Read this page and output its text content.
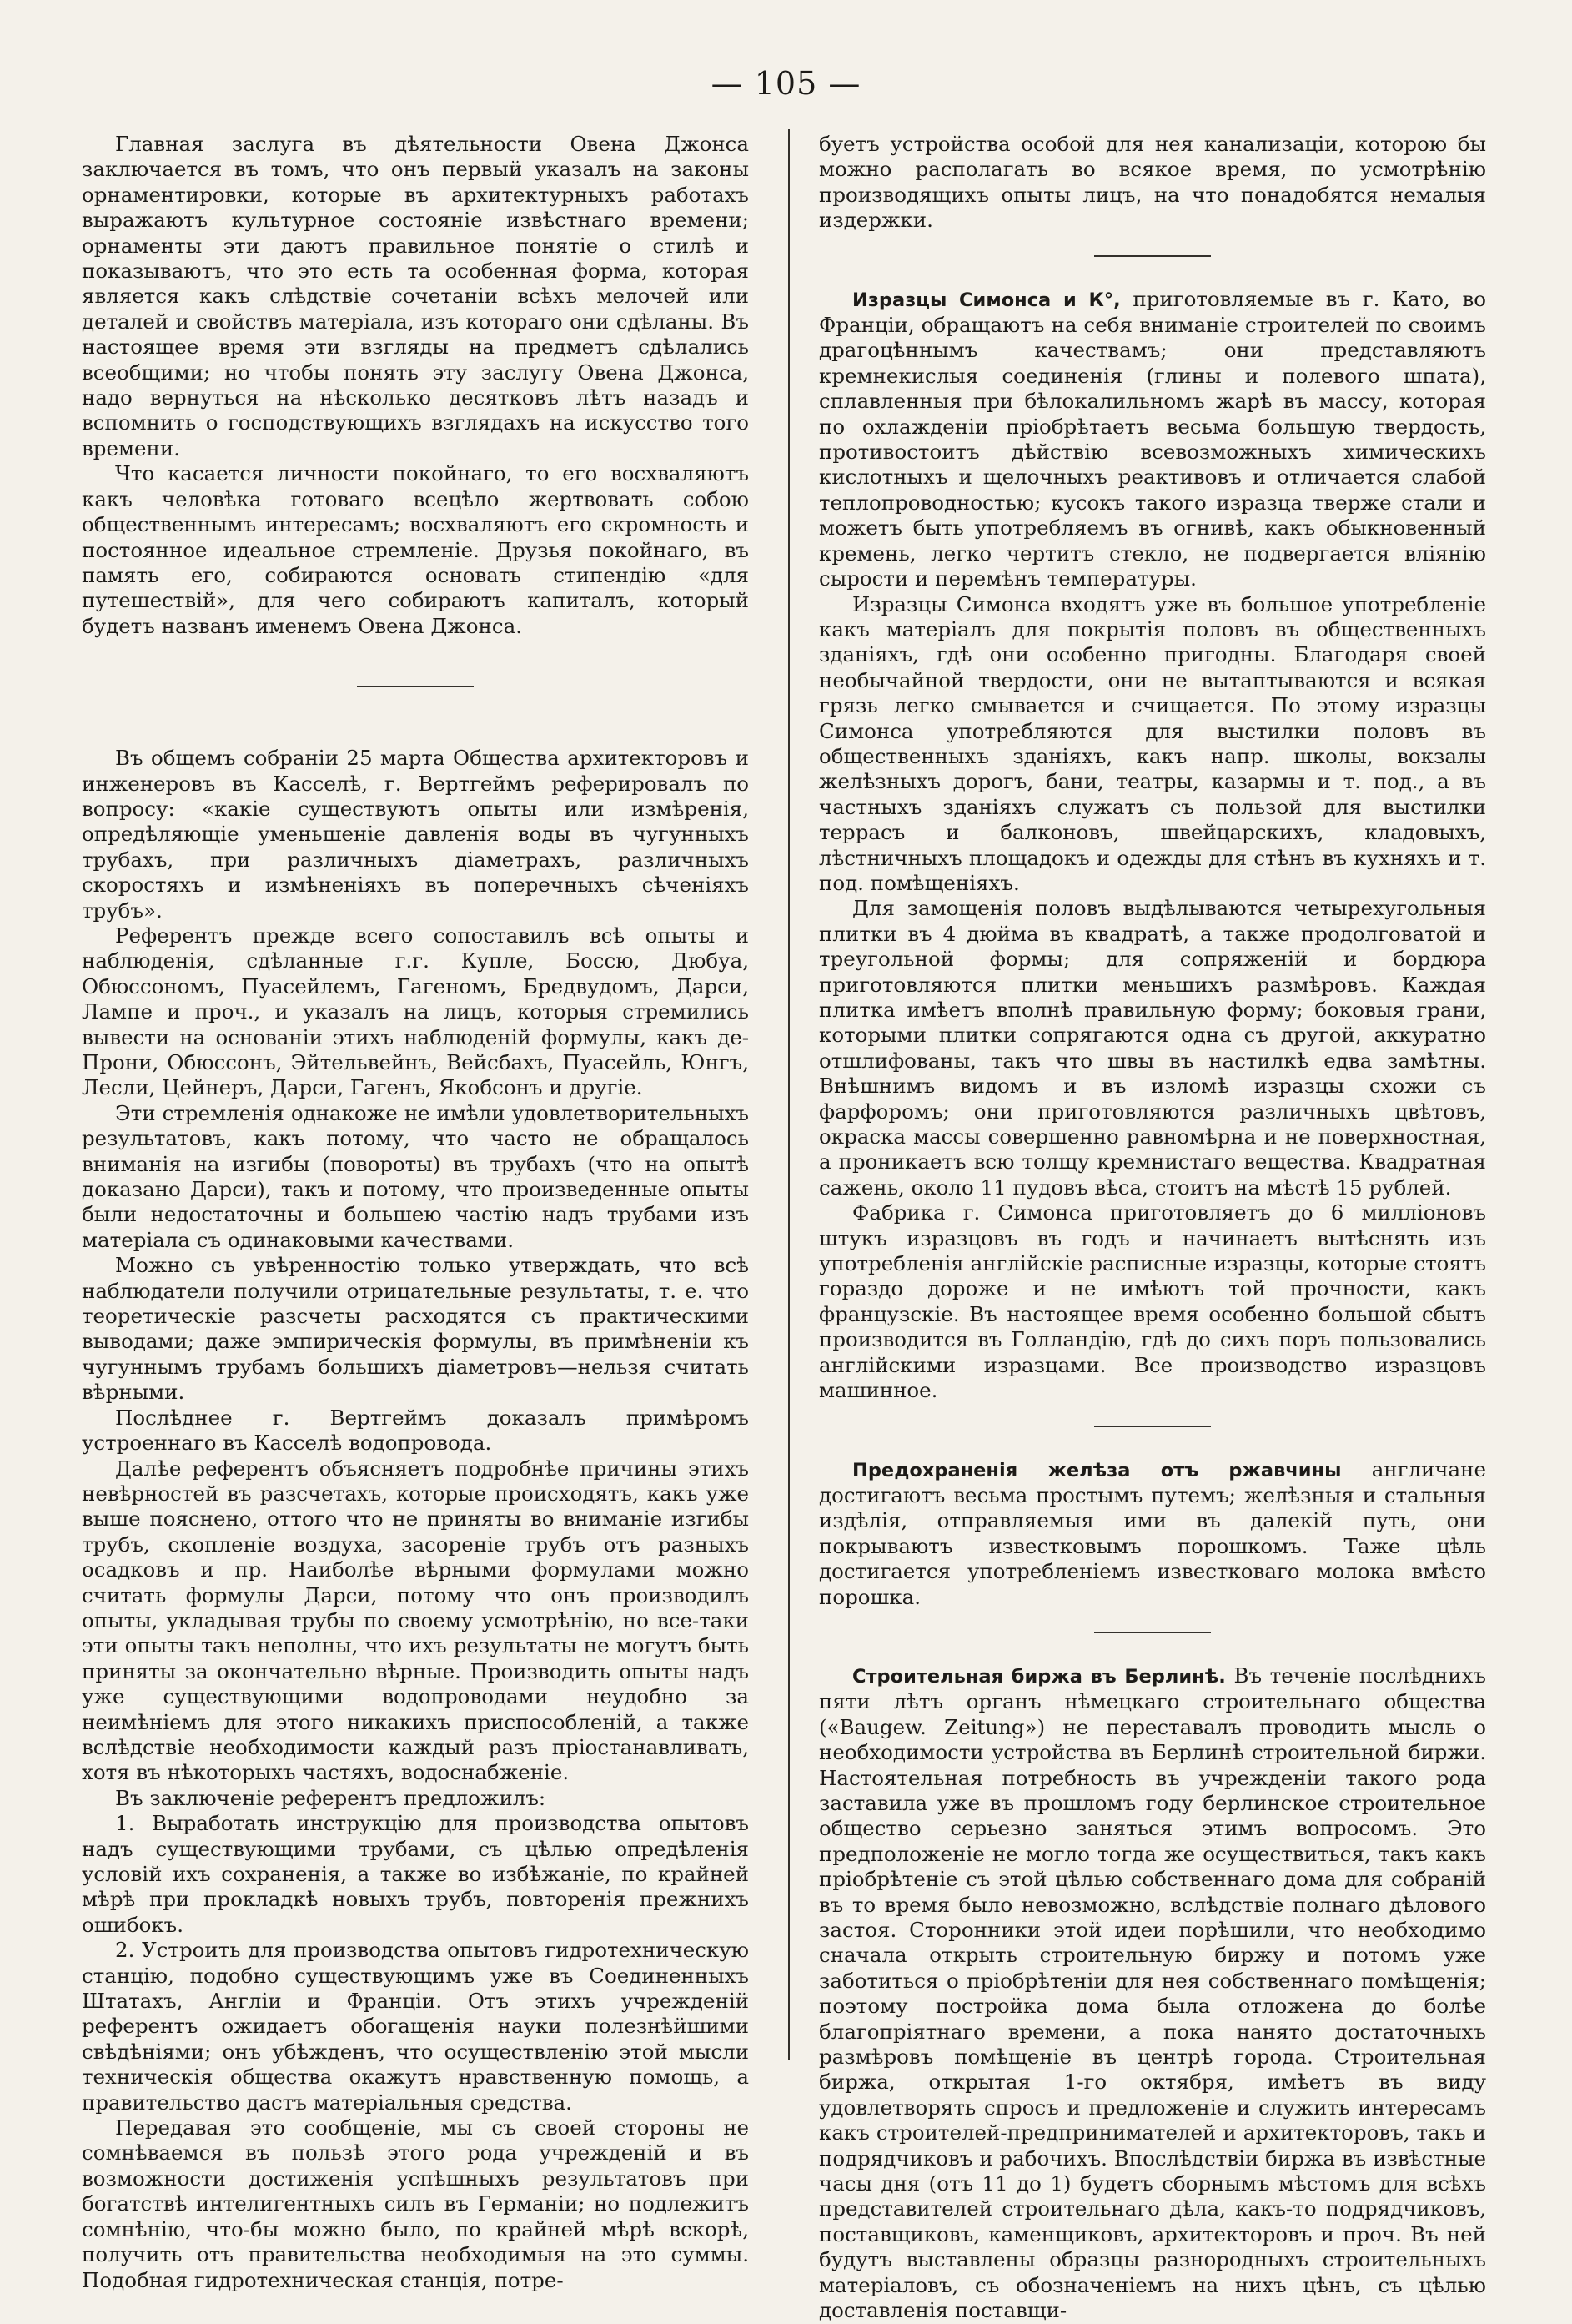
— 105 —

Главная заслуга въ дѣятельности Овена Джонса заключается въ томъ, что онъ первый указалъ на законы орнаментировки, которые въ архитектурныхъ работахъ выражаютъ культурное состояніе извѣстнаго времени; орнаменты эти даютъ правильное понятіе о стилѣ и показываютъ, что это есть та особенная форма, которая является какъ слѣдствіе сочетаніи всѣхъ мелочей или деталей и свойствъ матеріала, изъ котораго они сдѣланы. Въ настоящее время эти взгляды на предметъ сдѣлались всеобщими; но чтобы понять эту заслугу Овена Джонса, надо вернуться на нѣсколько десятковъ лѣтъ назадъ и вспомнить о господствующихъ взглядахъ на искусство того времени.

Что касается личности покойнаго, то его восхваляютъ какъ человѣка готоваго всецѣло жертвовать собою общественнымъ интересамъ; восхваляютъ его скромность и постоянное идеальное стремленіе. Друзья покойнаго, въ память его, собираются основать стипендію «для путешествій», для чего собираютъ капиталъ, который будетъ названъ именемъ Овена Джонса.

Въ общемъ собраніи 25 марта Общества архитекторовъ и инженеровъ въ Касселѣ, г. Вертгеймъ реферировалъ по вопросу: «какіе существуютъ опыты или измѣренія, опредѣляющіе уменьшеніе давленія воды въ чугунныхъ трубахъ, при различныхъ діаметрахъ, различныхъ скоростяхъ и измѣненіяхъ въ поперечныхъ сѣченіяхъ трубъ».

Референтъ прежде всего сопоставилъ всѣ опыты и наблюденія, сдѣланные г.г. Купле, Боссю, Дюбуа, Обюссономъ, Пуасейлемъ, Гагеномъ, Бредвудомъ, Дарси, Лампе и проч., и указалъ на лицъ, которыя стремились вывести на основаніи этихъ наблюденій формулы, какъ де-Прони, Обюссонъ, Эйтельвейнъ, Вейсбахъ, Пуасейль, Юнгъ, Лесли, Цейнеръ, Дарси, Гагенъ, Якобсонъ и другіе.

Эти стремленія однакоже не имѣли удовлетворительныхъ результатовъ, какъ потому, что часто не обращалось вниманія на изгибы (повороты) въ трубахъ (что на опытѣ доказано Дарси), такъ и потому, что произведенные опыты были недостаточны и большею частію надъ трубами изъ матеріала съ одинаковыми качествами.

Можно съ увѣренностію только утверждать, что всѣ наблюдатели получили отрицательные результаты, т. е. что теоретическіе разсчеты расходятся съ практическими выводами; даже эмпирическія формулы, въ примѣненіи къ чугуннымъ трубамъ большихъ діаметровъ—нельзя считать вѣрными.

Послѣднее г. Вертгеймъ доказалъ примѣромъ устроеннаго въ Касселѣ водопровода.

Далѣе референтъ объясняетъ подробнѣе причины этихъ невѣрностей въ разсчетахъ, которые происходятъ, какъ уже выше пояснено, оттого что не приняты во вниманіе изгибы трубъ, скопленіе воздуха, засореніе трубъ отъ разныхъ осадковъ и пр. Наиболѣе вѣрными формулами можно считать формулы Дарси, потому что онъ производилъ опыты, укладывая трубы по своему усмотрѣнію, но все-таки эти опыты такъ неполны, что ихъ результаты не могутъ быть приняты за окончательно вѣрные. Производить опыты надъ уже существующими водопроводами неудобно за неимѣніемъ для этого никакихъ приспособленій, а также вслѣдствіе необходимости каждый разъ пріостанавливать, хотя въ нѣкоторыхъ частяхъ, водоснабженіе.

Въ заключеніе референтъ предложилъ:

1. Выработать инструкцію для производства опытовъ надъ существующими трубами, съ цѣлью опредѣленія условій ихъ сохраненія, а также во избѣжаніе, по крайней мѣрѣ при прокладкѣ новыхъ трубъ, повторенія прежнихъ ошибокъ.

2. Устроить для производства опытовъ гидротехническую станцію, подобно существующимъ уже въ Соединенныхъ Штатахъ, Англіи и Франціи. Отъ этихъ учрежденій референтъ ожидаетъ обогащенія науки полезнѣйшими свѣдѣніями; онъ убѣжденъ, что осуществленію этой мысли техническія общества окажутъ нравственную помощь, а правительство дастъ матеріальныя средства.

Передавая это сообщеніе, мы съ своей стороны не сомнѣваемся въ пользѣ этого рода учрежденій и въ возможности достиженія успѣшныхъ результатовъ при богатствѣ интелигентныхъ силъ въ Германіи; но подлежитъ сомнѣнію, что-бы можно было, по крайней мѣрѣ вскорѣ, получить отъ правительства необходимыя на это суммы. Подобная гидротехническая станція, потре-

буетъ устройства особой для нея канализаціи, которою бы можно располагать во всякое время, по усмотрѣнію производящихъ опыты лицъ, на что понадобятся немалыя издержки.

Изразцы Симонса и К°, приготовляемые въ г. Като, во Франціи, обращаютъ на себя вниманіе строителей по своимъ драгоцѣннымъ качествамъ; они представляютъ кремнекислыя соединенія (глины и полевого шпата), сплавленныя при бѣлокалильномъ жарѣ въ массу, которая по охлажденіи пріобрѣтаетъ весьма большую твердость, противостоитъ дѣйствію всевозможныхъ химическихъ кислотныхъ и щелочныхъ реактивовъ и отличается слабой теплопроводностью; кусокъ такого изразца тверже стали и можетъ быть употребляемъ въ огнивѣ, какъ обыкновенный кремень, легко чертитъ стекло, не подвергается вліянію сырости и перемѣнъ температуры.

Изразцы Симонса входятъ уже въ большое употребленіе какъ матеріалъ для покрытія половъ въ общественныхъ зданіяхъ, гдѣ они особенно пригодны. Благодаря своей необычайной твердости, они не вытаптываются и всякая грязь легко смывается и счищается. По этому изразцы Симонса употребляются для выстилки половъ въ общественныхъ зданіяхъ, какъ напр. школы, вокзалы желѣзныхъ дорогъ, бани, театры, казармы и т. под., а въ частныхъ зданіяхъ служатъ съ пользой для выстилки террасъ и балконовъ, швейцарскихъ, кладовыхъ, лѣстничныхъ площадокъ и одежды для стѣнъ въ кухняхъ и т. под. помѣщеніяхъ.

Для замощенія половъ выдѣлываются четырехугольныя плитки въ 4 дюйма въ квадратѣ, а также продолговатой и треугольной формы; для сопряженій и бордюра приготовляются плитки меньшихъ размѣровъ. Каждая плитка имѣетъ вполнѣ правильную форму; боковыя грани, которыми плитки сопрягаются одна съ другой, аккуратно отшлифованы, такъ что швы въ настилкѣ едва замѣтны. Внѣшнимъ видомъ и въ изломѣ изразцы схожи съ фарфоромъ; они приготовляются различныхъ цвѣтовъ, окраска массы совершенно равномѣрна и не поверхностная, а проникаетъ всю толщу кремнистаго вещества. Квадратная сажень, около 11 пудовъ вѣса, стоитъ на мѣстѣ 15 рублей.

Фабрика г. Симонса приготовляетъ до 6 милліоновъ штукъ изразцовъ въ годъ и начинаетъ вытѣснять изъ употребленія англійскіе расписные изразцы, которые стоятъ гораздо дороже и не имѣютъ той прочности, какъ французскіе. Въ настоящее время особенно большой сбытъ производится въ Голландію, гдѣ до сихъ поръ пользовались англійскими изразцами. Все производство изразцовъ машинное.

Предохраненія желѣза отъ ржавчины англичане достигаютъ весьма простымъ путемъ; желѣзныя и стальныя издѣлія, отправляемыя ими въ далекій путь, они покрываютъ известковымъ порошкомъ. Таже цѣль достигается употребленіемъ известковаго молока вмѣсто порошка.

Строительная биржа въ Берлинѣ. Въ теченіе послѣднихъ пяти лѣтъ органъ нѣмецкаго строительнаго общества («Baugew. Zeitung») не переставалъ проводить мысль о необходимости устройства въ Берлинѣ строительной биржи. Настоятельная потребность въ учрежденіи такого рода заставила уже въ прошломъ году берлинское строительное общество серьезно заняться этимъ вопросомъ. Это предположеніе не могло тогда же осуществиться, такъ какъ пріобрѣтеніе съ этой цѣлью собственнаго дома для собраній въ то время было невозможно, вслѣдствіе полнаго дѣлового застоя. Сторонники этой идеи порѣшили, что необходимо сначала открыть строительную биржу и потомъ уже заботиться о пріобрѣтеніи для нея собственнаго помѣщенія; поэтому постройка дома была отложена до болѣе благопріятнаго времени, а пока нанято достаточныхъ размѣровъ помѣщеніе въ центрѣ города. Строительная биржа, открытая 1-го октября, имѣетъ въ виду удовлетворять спросъ и предложеніе и служить интересамъ какъ строителей-предпринимателей и архитекторовъ, такъ и подрядчиковъ и рабочихъ. Впослѣдствіи биржа въ извѣстные часы дня (отъ 11 до 1) будетъ сборнымъ мѣстомъ для всѣхъ представителей строительнаго дѣла, какъ-то подрядчиковъ, поставщиковъ, каменщиковъ, архитекторовъ и проч. Въ ней будутъ выставлены образцы разнородныхъ строительныхъ матеріаловъ, съ обозначеніемъ на нихъ цѣнъ, съ цѣлью доставленія поставщи-
